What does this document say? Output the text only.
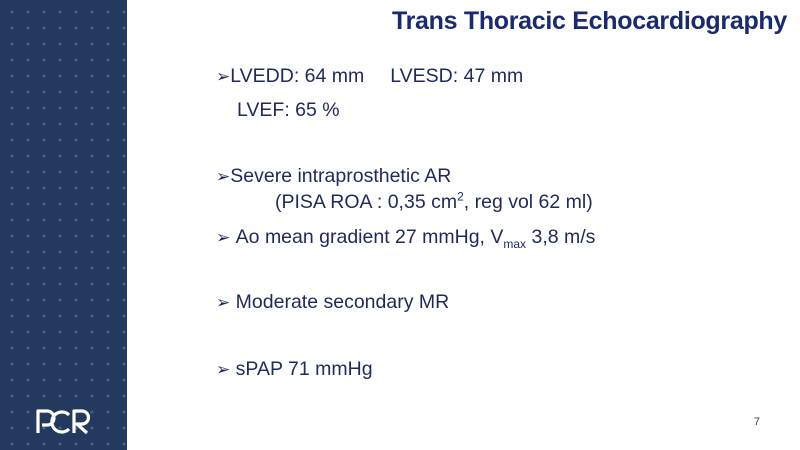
Trans Thoracic Echocardiography
➢LVEDD: 64 mm LVESD: 47 mm
LVEF: 65 %
➢Severe intraprosthetic AR
(PISA ROA : 0,35 $cm^2$, reg vol 62 ml)
➢ Ao mean gradient 27 mmHg, $V_{max}$ 3,8 m/s
➢ Moderate secondary MR
➢ sPAP 71 mmHg
7
